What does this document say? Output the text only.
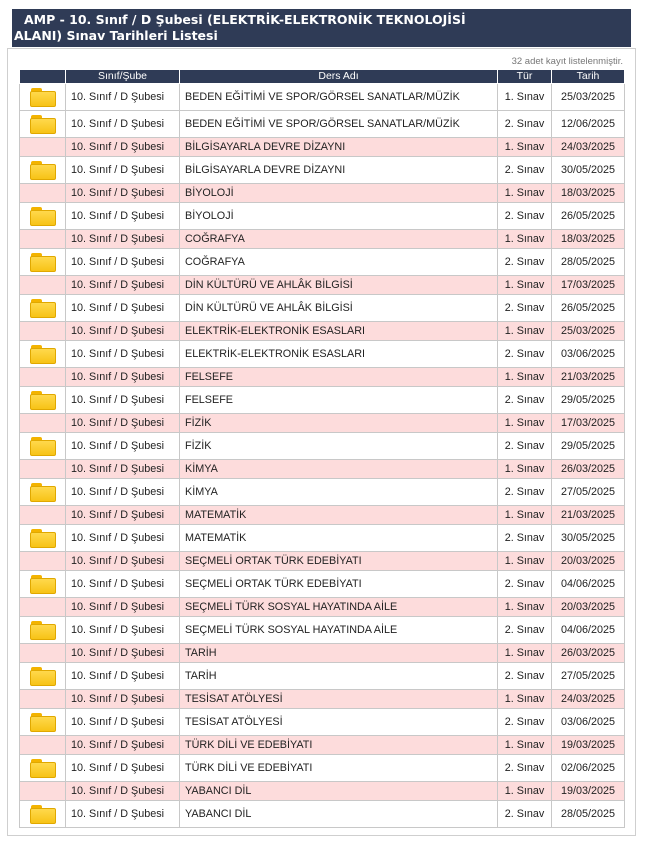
AMP - 10. Sınıf / D Şubesi (ELEKTRİK-ELEKTRONİK TEKNOLOJİSİ
ALANI) Sınav Tarihleri Listesi
32 adet kayıt listelenmiştir.
	Sınıf/Şube	Ders Adı	Tür	Tarih

	10. Sınıf / D Şubesi	BEDEN EĞİTİMİ VE SPOR/GÖRSEL SANATLAR/MÜZİK	1. Sınav	25/03/2025

	10. Sınıf / D Şubesi	BEDEN EĞİTİMİ VE SPOR/GÖRSEL SANATLAR/MÜZİK	2. Sınav	12/06/2025
	10. Sınıf / D Şubesi	BİLGİSAYARLA DEVRE DİZAYNI	1. Sınav	24/03/2025

	10. Sınıf / D Şubesi	BİLGİSAYARLA DEVRE DİZAYNI	2. Sınav	30/05/2025
	10. Sınıf / D Şubesi	BİYOLOJİ	1. Sınav	18/03/2025

	10. Sınıf / D Şubesi	BİYOLOJİ	2. Sınav	26/05/2025
	10. Sınıf / D Şubesi	COĞRAFYA	1. Sınav	18/03/2025

	10. Sınıf / D Şubesi	COĞRAFYA	2. Sınav	28/05/2025
	10. Sınıf / D Şubesi	DİN KÜLTÜRÜ VE AHLÂK BİLGİSİ	1. Sınav	17/03/2025

	10. Sınıf / D Şubesi	DİN KÜLTÜRÜ VE AHLÂK BİLGİSİ	2. Sınav	26/05/2025
	10. Sınıf / D Şubesi	ELEKTRİK-ELEKTRONİK ESASLARI	1. Sınav	25/03/2025

	10. Sınıf / D Şubesi	ELEKTRİK-ELEKTRONİK ESASLARI	2. Sınav	03/06/2025
	10. Sınıf / D Şubesi	FELSEFE	1. Sınav	21/03/2025

	10. Sınıf / D Şubesi	FELSEFE	2. Sınav	29/05/2025
	10. Sınıf / D Şubesi	FİZİK	1. Sınav	17/03/2025

	10. Sınıf / D Şubesi	FİZİK	2. Sınav	29/05/2025
	10. Sınıf / D Şubesi	KİMYA	1. Sınav	26/03/2025

	10. Sınıf / D Şubesi	KİMYA	2. Sınav	27/05/2025
	10. Sınıf / D Şubesi	MATEMATİK	1. Sınav	21/03/2025

	10. Sınıf / D Şubesi	MATEMATİK	2. Sınav	30/05/2025
	10. Sınıf / D Şubesi	SEÇMELİ ORTAK TÜRK EDEBİYATI	1. Sınav	20/03/2025

	10. Sınıf / D Şubesi	SEÇMELİ ORTAK TÜRK EDEBİYATI	2. Sınav	04/06/2025
	10. Sınıf / D Şubesi	SEÇMELİ TÜRK SOSYAL HAYATINDA AİLE	1. Sınav	20/03/2025

	10. Sınıf / D Şubesi	SEÇMELİ TÜRK SOSYAL HAYATINDA AİLE	2. Sınav	04/06/2025
	10. Sınıf / D Şubesi	TARİH	1. Sınav	26/03/2025

	10. Sınıf / D Şubesi	TARİH	2. Sınav	27/05/2025
	10. Sınıf / D Şubesi	TESİSAT ATÖLYESİ	1. Sınav	24/03/2025

	10. Sınıf / D Şubesi	TESİSAT ATÖLYESİ	2. Sınav	03/06/2025
	10. Sınıf / D Şubesi	TÜRK DİLİ VE EDEBİYATI	1. Sınav	19/03/2025

	10. Sınıf / D Şubesi	TÜRK DİLİ VE EDEBİYATI	2. Sınav	02/06/2025
	10. Sınıf / D Şubesi	YABANCI DİL	1. Sınav	19/03/2025

	10. Sınıf / D Şubesi	YABANCI DİL	2. Sınav	28/05/2025
